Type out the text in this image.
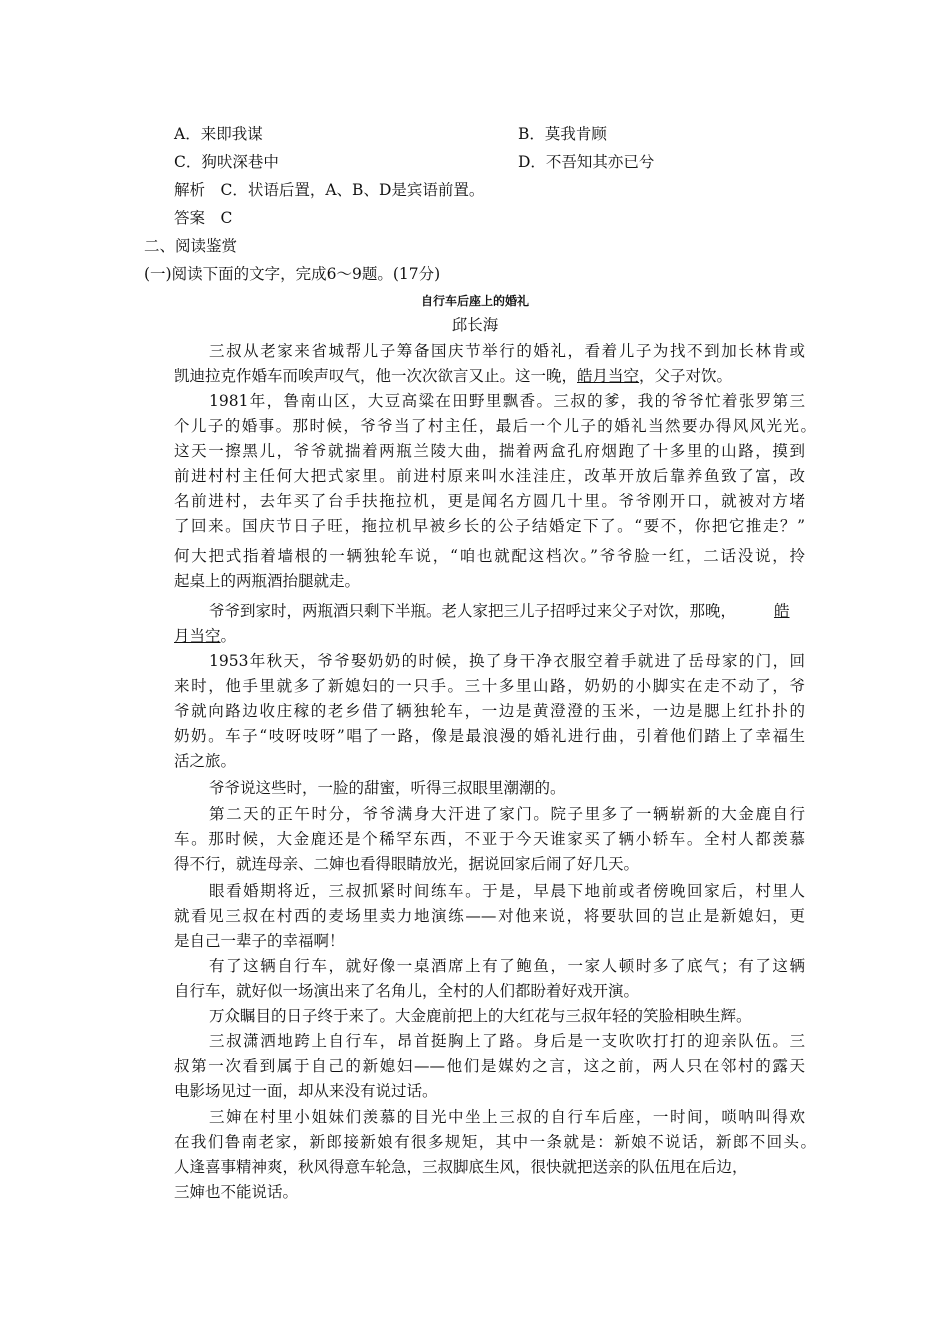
A．来即我谋	B．莫我肯顾
C．狗吠深巷中	D．不吾知其亦已兮
解析　C．状语后置，A、B、D是宾语前置。
答案　C
二、阅读鉴赏
(一)阅读下面的文字，完成6～9题。(17分)
自行车后座上的婚礼
邱长海
三叔从老家来省城帮儿子筹备国庆节举行的婚礼，看着儿子为找不到加长林肯或
凯迪拉克作婚车而唉声叹气，他一次次欲言又止。这一晚，皓月当空，父子对饮。
1981年，鲁南山区，大豆高粱在田野里飘香。三叔的爹，我的爷爷忙着张罗第三
个儿子的婚事。那时候，爷爷当了村主任，最后一个儿子的婚礼当然要办得风风光光。
这天一擦黑儿，爷爷就揣着两瓶兰陵大曲，揣着两盒孔府烟跑了十多里的山路，摸到
前进村村主任何大把式家里。前进村原来叫水洼洼庄，改革开放后靠养鱼致了富，改
名前进村，去年买了台手扶拖拉机，更是闻名方圆几十里。爷爷刚开口，就被对方堵
了回来。国庆节日子旺，拖拉机早被乡长的公子结婚定下了。“要不，你把它推走？”
何大把式指着墙根的一辆独轮车说，“咱也就配这档次。”爷爷脸一红，二话没说，拎
起桌上的两瓶酒抬腿就走。
爷爷到家时，两瓶酒只剩下半瓶。老人家把三儿子招呼过来父子对饮，那晚， 皓
月当空。
1953年秋天，爷爷娶奶奶的时候，换了身干净衣服空着手就进了岳母家的门，回
来时，他手里就多了新媳妇的一只手。三十多里山路，奶奶的小脚实在走不动了，爷
爷就向路边收庄稼的老乡借了辆独轮车，一边是黄澄澄的玉米，一边是腮上红扑扑的
奶奶。车子“吱呀吱呀”唱了一路，像是最浪漫的婚礼进行曲，引着他们踏上了幸福生
活之旅。
爷爷说这些时，一脸的甜蜜，听得三叔眼里潮潮的。
第二天的正午时分，爷爷满身大汗进了家门。院子里多了一辆崭新的大金鹿自行
车。那时候，大金鹿还是个稀罕东西，不亚于今天谁家买了辆小轿车。全村人都羡慕
得不行，就连母亲、二婶也看得眼睛放光，据说回家后闹了好几天。
眼看婚期将近，三叔抓紧时间练车。于是，早晨下地前或者傍晚回家后，村里人
就看见三叔在村西的麦场里卖力地演练——对他来说，将要驮回的岂止是新媳妇，更
是自己一辈子的幸福啊！
有了这辆自行车，就好像一桌酒席上有了鲍鱼，一家人顿时多了底气；有了这辆
自行车，就好似一场演出来了名角儿，全村的人们都盼着好戏开演。
万众瞩目的日子终于来了。大金鹿前把上的大红花与三叔年轻的笑脸相映生辉。
三叔潇洒地跨上自行车，昂首挺胸上了路。身后是一支吹吹打打的迎亲队伍。三
叔第一次看到属于自己的新媳妇——他们是媒妁之言，这之前，两人只在邻村的露天
电影场见过一面，却从来没有说过话。
三婶在村里小姐妹们羡慕的目光中坐上三叔的自行车后座，一时间，唢呐叫得欢
在我们鲁南老家，新郎接新娘有很多规矩，其中一条就是：新娘不说话，新郎不回头。
人逢喜事精神爽，秋风得意车轮急，三叔脚底生风，很快就把送亲的队伍甩在后边，
三婶也不能说话。
